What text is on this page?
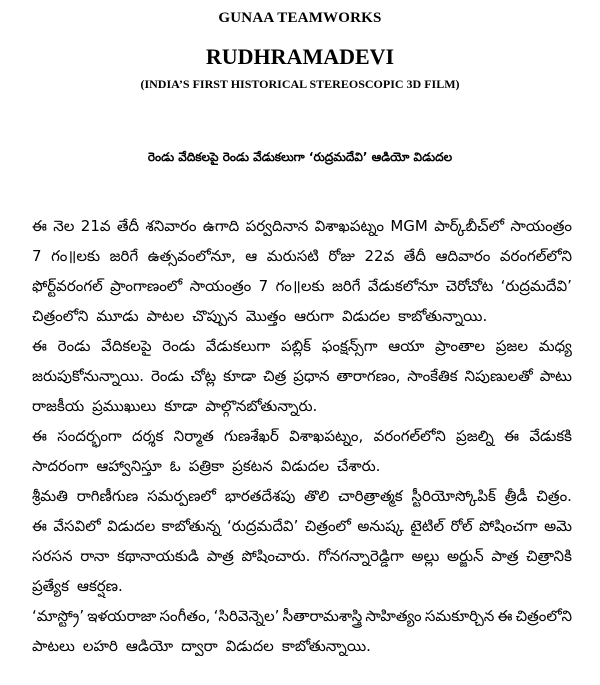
GUNAA TEAMWORKS
RUDHRAMADEVI
(INDIA’S FIRST HISTORICAL STEREOSCOPIC 3D FILM)
రెండు వేదికలపై రెండు వేడుకలుగా ‘రుద్రమదేవి’ ఆడియో విడుదల
ఈ నెల 21వ తేదీ శనివారం ఉగాది పర్వదినాన విశాఖపట్నం MGM పార్క్‌బీచ్‌లో సాయంత్రం
7 గం॥లకు జరిగే ఉత్సవంలోనూ, ఆ మరుసటి రోజు 22వ తేదీ ఆదివారం వరంగల్‌లోని
ఫోర్ట్‌వరంగల్ ప్రాంగాణంలో సాయంత్రం 7 గం॥లకు జరిగే వేడుకలోనూ చెరోచోట ‘రుద్రమదేవి’
చిత్రంలోని మూడు పాటల చొప్పున మొత్తం ఆరుగా విడుదల కాబోతున్నాయి.
ఈ రెండు వేదికలపై రెండు వేడుకలుగా పబ్లిక్ ఫంక్షన్స్‌గా ఆయా ప్రాంతాల ప్రజల మధ్య
జరుపుకోనున్నాయి. రెండు చోట్ల కూడా చిత్ర ప్రధాన తారాగణం, సాంకేతిక నిపుణులతో పాటు
రాజకీయ ప్రముఖులు కూడా పాల్గొనబోతున్నారు.
ఈ సందర్భంగా దర్శక నిర్మాత గుణశేఖర్ విశాఖపట్నం, వరంగల్‌లోని ప్రజల్ని ఈ వేడుకకి
సాదరంగా ఆహ్వానిస్తూ ఓ పత్రికా ప్రకటన విడుదల చేశారు.
శ్రీమతి రాగిణీగుణ సమర్పణలో భారతదేశపు తొలి చారిత్రాత్మక స్టీరియోస్కోపిక్ త్రీడీ చిత్రం.
ఈ వేసవిలో విడుదల కాబోతున్న ‘రుద్రమదేవి’ చిత్రంలో అనుష్క టైటిల్ రోల్ పోషించగా అమె
సరసన రానా కథానాయకుడి పాత్ర పోషించారు. గోనగన్నారెడ్డిగా అల్లు అర్జున్ పాత్ర చిత్రానికి
ప్రత్యేక ఆకర్షణ.
‘మాస్ట్రో’ ఇళయరాజా సంగీతం, ‘సిరివెన్నెల’ సీతారామశాస్త్రి సాహిత్యం సమకూర్చిన ఈ చిత్రంలోని
పాటలు లహరి ఆడియో ద్వారా విడుదల కాబోతున్నాయి.
